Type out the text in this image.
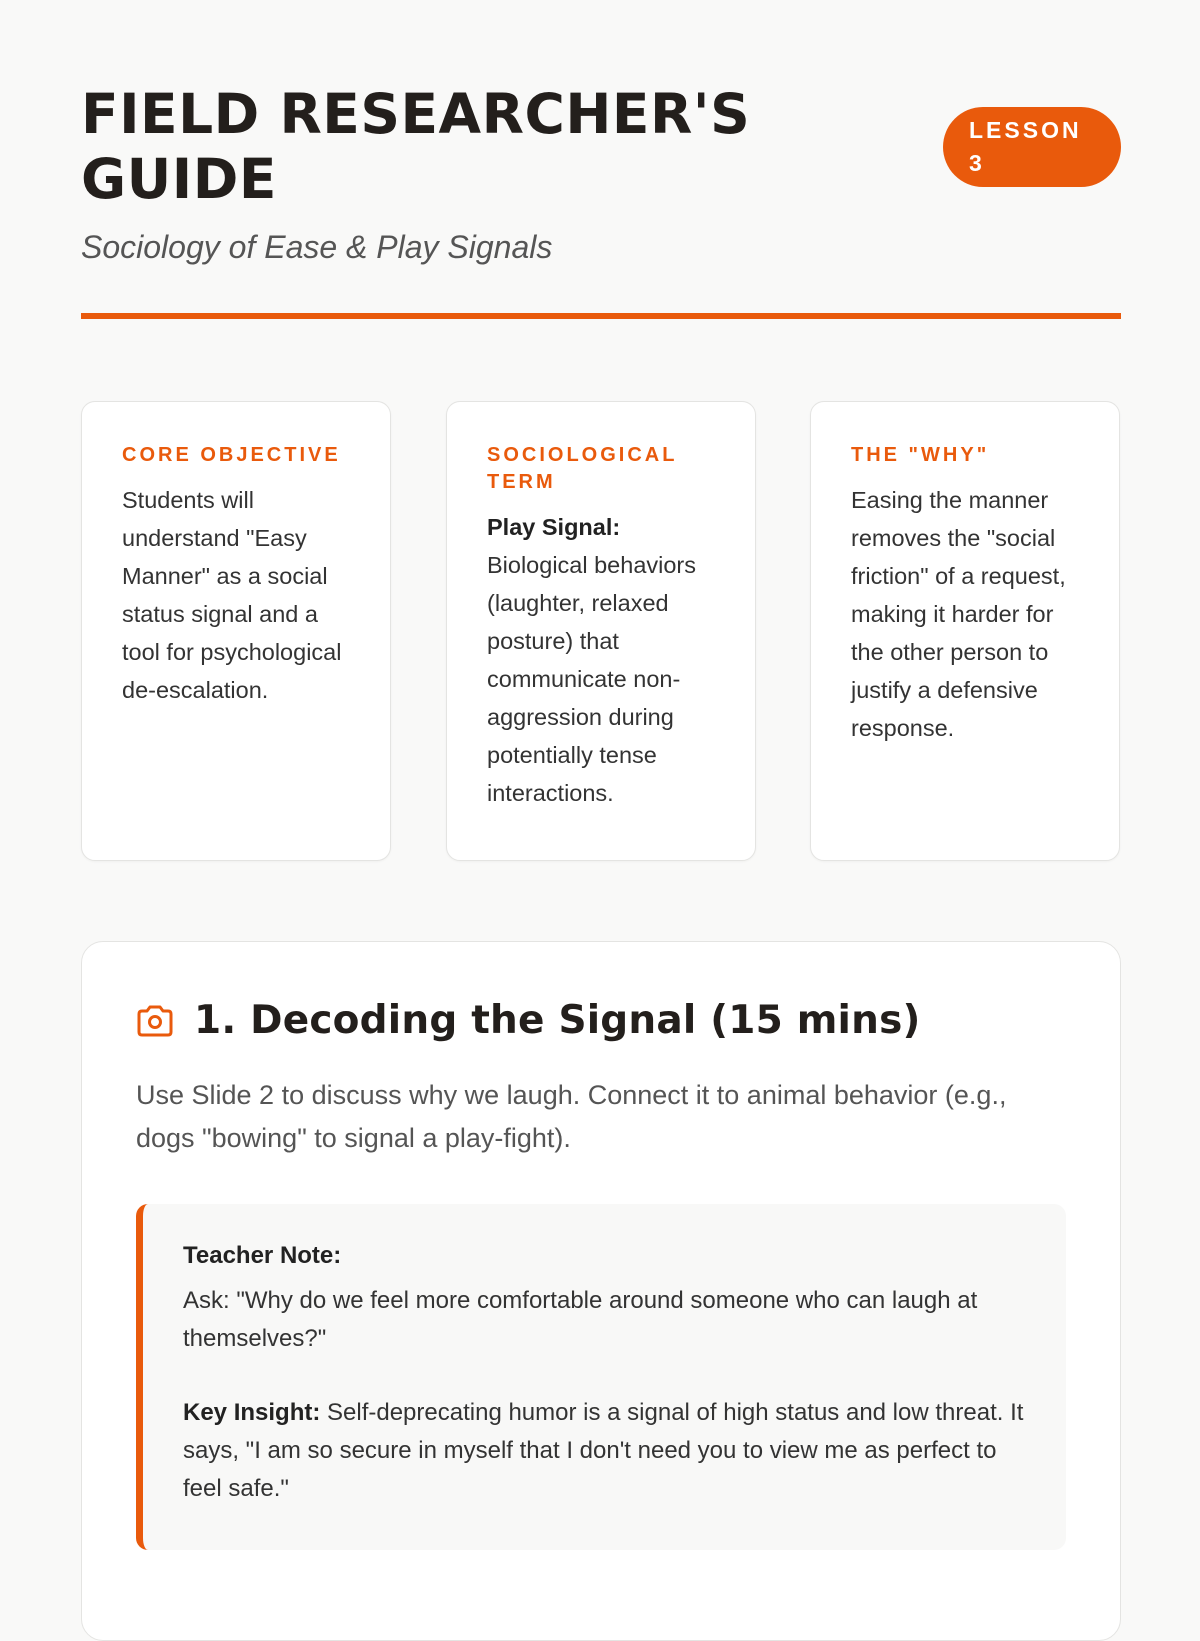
FIELD RESEARCHER'S GUIDE
Sociology of Ease & Play Signals
LESSON
3

CORE OBJECTIVE

Students will understand "Easy Manner" as a social status signal and a tool for psychological de-escalation.

SOCIOLOGICAL TERM

Play Signal:
Biological behaviors (laughter, relaxed posture) that communicate non-aggression during potentially tense interactions.

THE "WHY"

Easing the manner removes the "social friction" of a request, making it harder for the other person to justify a defensive response.

1. Decoding the Signal (15 mins)
Use Slide 2 to discuss why we laugh. Connect it to animal behavior (e.g., dogs "bowing" to signal a play-fight).

Teacher Note:

Ask: "Why do we feel more comfortable around someone who can laugh at themselves?"

Key Insight: Self-deprecating humor is a signal of high status and low threat. It says, "I am so secure in myself that I don't need you to view me as perfect to feel safe."
